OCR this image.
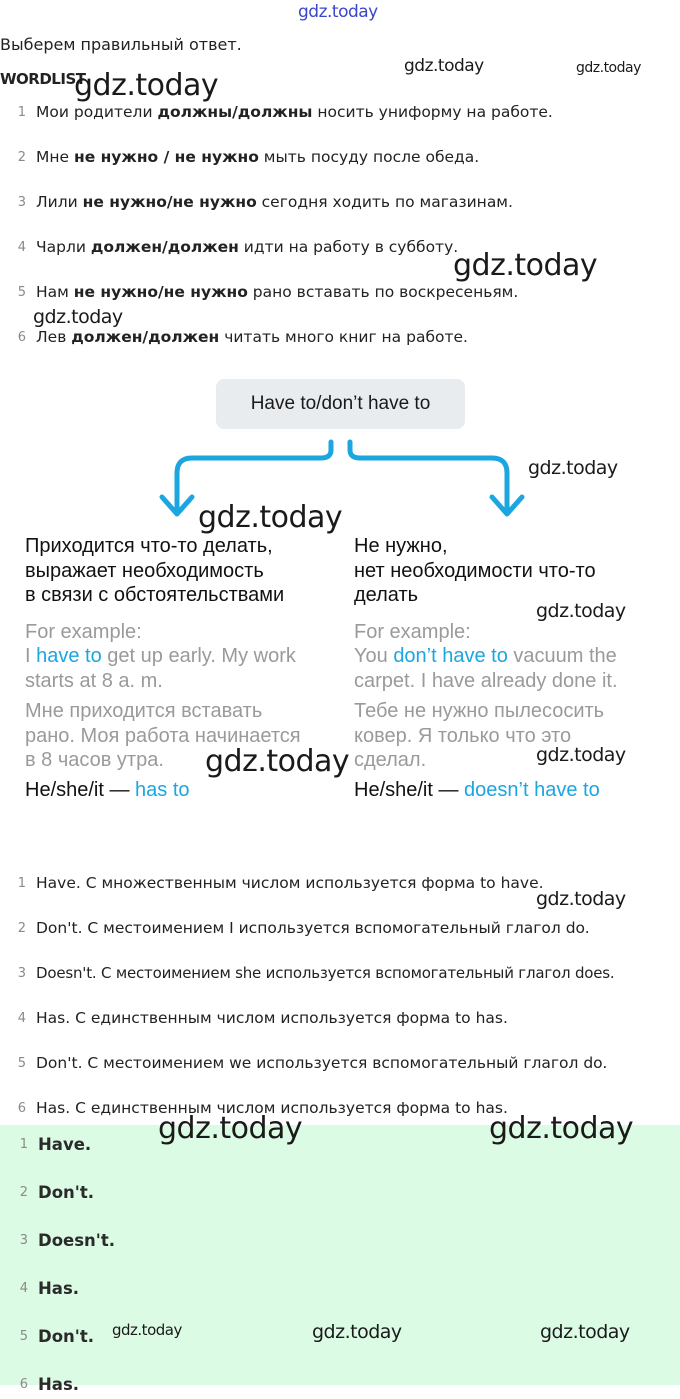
gdz.today
Выберем правильный ответ.
WORDLIST
1 Мои родители должны/должны носить униформу на работе.
2 Мне не нужно / не нужно мыть посуду после обеда.
3 Лили не нужно/не нужно сегодня ходить по магазинам.
4 Чарли должен/должен идти на работу в субботу.
5 Нам не нужно/не нужно рано вставать по воскресеньям.
6 Лев должен/должен читать много книг на работе.
Have to/don’t have to
Приходится что-то делать,
выражает необходимость
в связи с обстоятельствами
For example:
I have to get up early. My work
starts at 8 a. m.
Мне приходится вставать
рано. Моя работа начинается
в 8 часов утра.
He/she/it — has to
Не нужно,
нет необходимости что-то
делать
For example:
You don’t have to vacuum the
carpet. I have already done it.
Тебе не нужно пылесосить
ковер. Я только что это
сделал.
He/she/it — doesn’t have to
1 Have. С множественным числом используется форма to have.
2 Don't. С местоимением I используется вспомогательный глагол do.
3 Doesn't. С местоимением she используется вспомогательный глагол does.
4 Has. С единственным числом используется форма to has.
5 Don't. С местоимением we используется вспомогательный глагол do.
6 Has. С единственным числом используется форма to has.
1 Have.
2 Don't.
3 Doesn't.
4 Has.
5 Don't.
6 Has.
gdz.today
gdz.today	gdz.today
gdz.today
gdz.today
gdz.today
gdz.today
gdz.today
gdz.today	gdz.today
gdz.today
gdz.today	gdz.today
gdz.today	gdz.today	gdz.today
